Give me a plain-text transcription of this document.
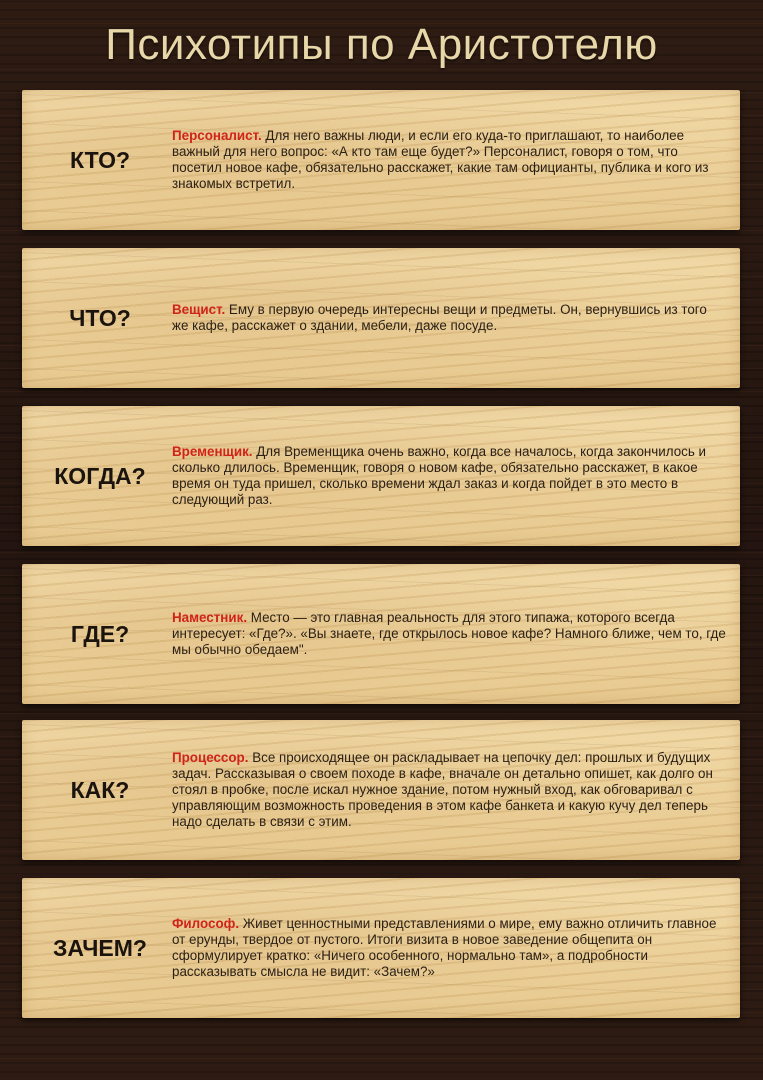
Психотипы по Аристотелю
КТО?

Персоналист. Для него важны люди, и если его куда-то приглашают, то наиболее важный для него вопрос: «А кто там еще будет?» Персоналист, говоря о том, что посетил новое кафе, обязательно расскажет, какие там официанты, публика и кого из знакомых встретил.

ЧТО?	Вещист. Ему в первую очередь интересны вещи и предметы. Он, вернувшись из того же кафе, расскажет о здании, мебели, даже посуде.

КОГДА?

Временщик. Для Временщика очень важно, когда все началось, когда закончилось и сколько длилось. Временщик, говоря о новом кафе, обязательно расскажет, в какое время он туда пришел, сколько времени ждал заказ и когда пойдет в это место в следующий раз.

ГДЕ?

Наместник. Место — это главная реальность для этого типажа, которого всегда интересует: «Где?». «Вы знаете, где открылось новое кафе? Намного ближе, чем то, где мы обычно обедаем".

КАК?

Процессор. Все происходящее он раскладывает на цепочку дел: прошлых и будущих задач. Рассказывая о своем походе в кафе, вначале он детально опишет, как долго он стоял в пробке, после искал нужное здание, потом нужный вход, как обговаривал с управляющим возможность проведения в этом кафе банкета и какую кучу дел теперь надо сделать в связи с этим.

ЗАЧЕМ?

Философ. Живет ценностными представлениями о мире, ему важно отличить главное от ерунды, твердое от пустого. Итоги визита в новое заведение общепита он сформулирует кратко: «Ничего особенного, нормально там», а подробности рассказывать смысла не видит: «Зачем?»
